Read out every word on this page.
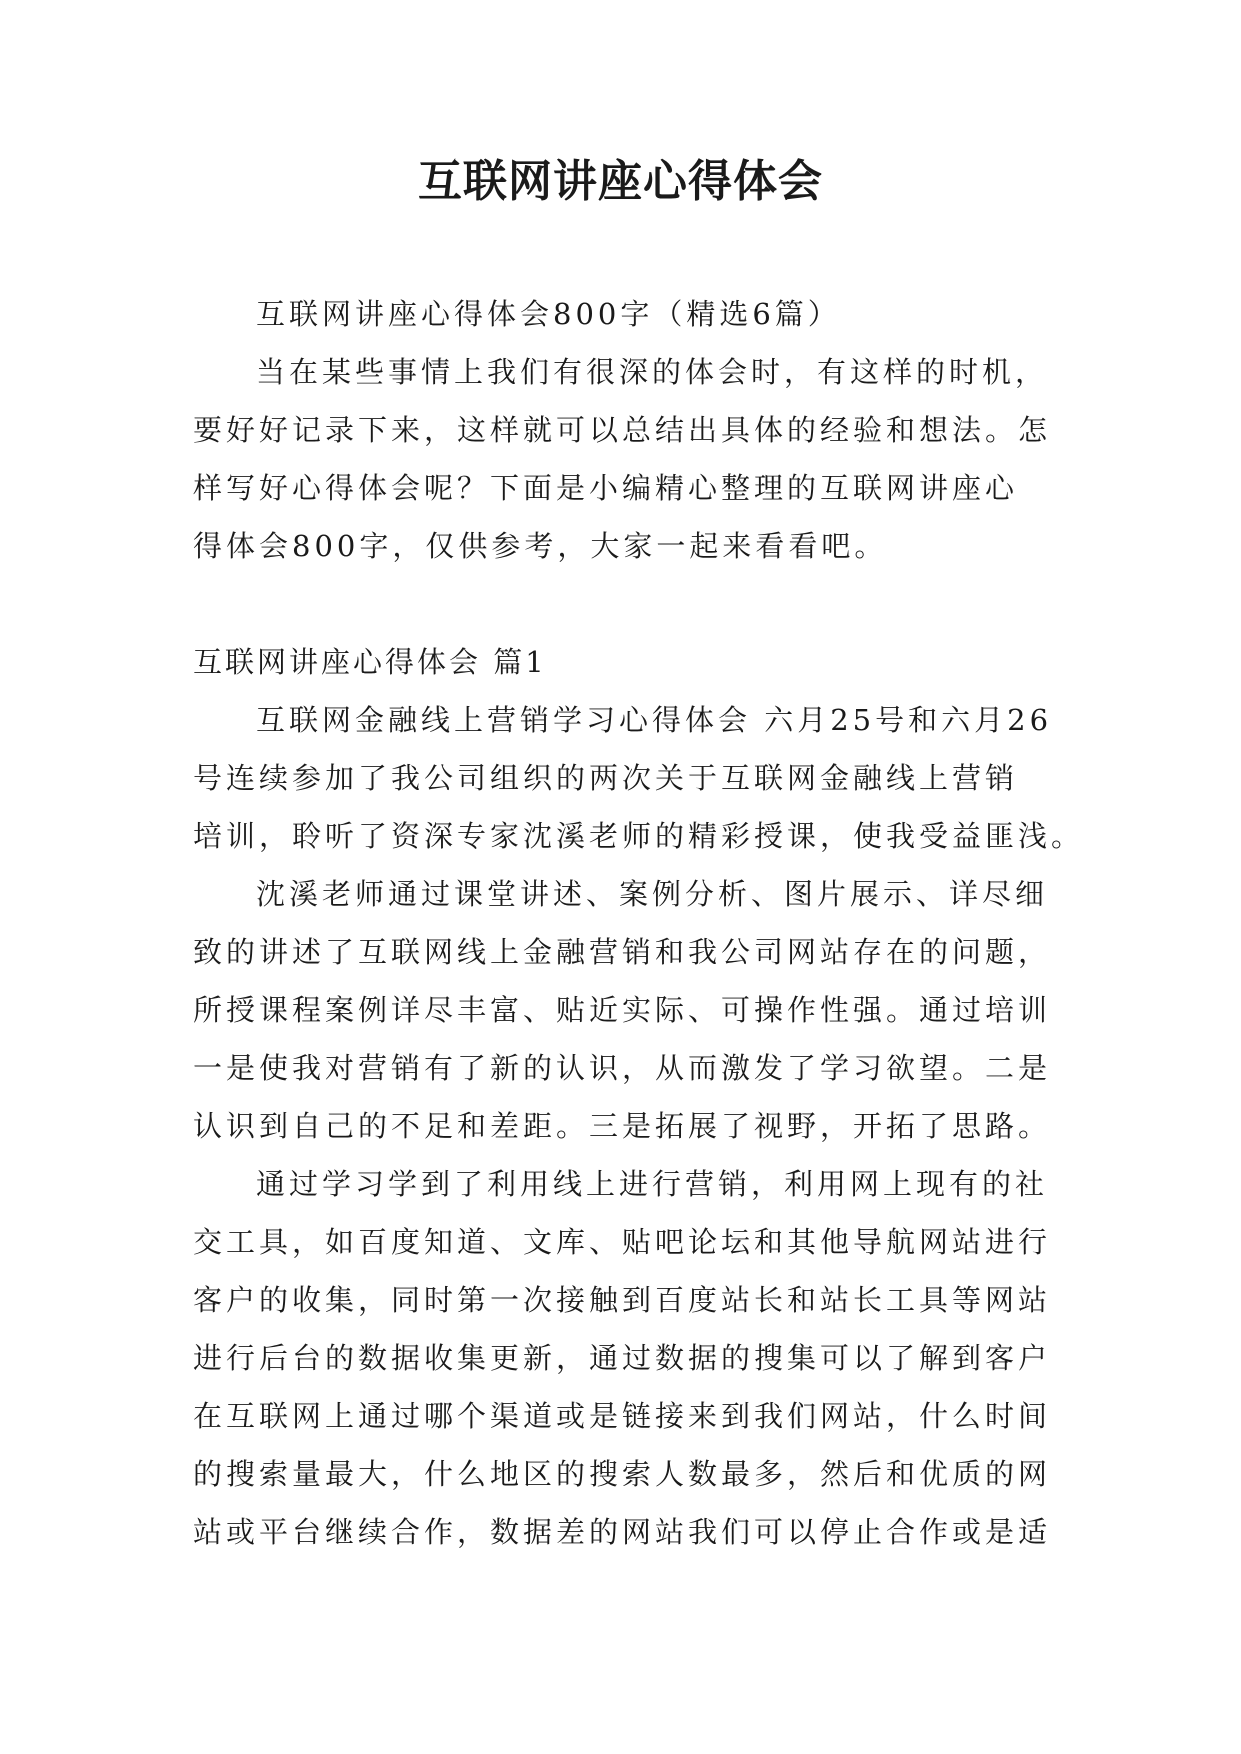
互联网讲座心得体会

互联网讲座心得体会800字（精选6篇）

当在某些事情上我们有很深的体会时，有这样的时机，

要好好记录下来，这样就可以总结出具体的经验和想法。怎

样写好心得体会呢？下面是小编精心整理的互联网讲座心

得体会800字，仅供参考，大家一起来看看吧。

互联网讲座心得体会 篇1

互联网金融线上营销学习心得体会 六月25号和六月26

号连续参加了我公司组织的两次关于互联网金融线上营销

培训，聆听了资深专家沈溪老师的精彩授课，使我受益匪浅。

沈溪老师通过课堂讲述、案例分析、图片展示、详尽细

致的讲述了互联网线上金融营销和我公司网站存在的问题，

所授课程案例详尽丰富、贴近实际、可操作性强。通过培训

一是使我对营销有了新的认识，从而激发了学习欲望。二是

认识到自己的不足和差距。三是拓展了视野，开拓了思路。

通过学习学到了利用线上进行营销，利用网上现有的社

交工具，如百度知道、文库、贴吧论坛和其他导航网站进行

客户的收集，同时第一次接触到百度站长和站长工具等网站

进行后台的数据收集更新，通过数据的搜集可以了解到客户

在互联网上通过哪个渠道或是链接来到我们网站，什么时间

的搜索量最大，什么地区的搜索人数最多，然后和优质的网

站或平台继续合作，数据差的网站我们可以停止合作或是适
